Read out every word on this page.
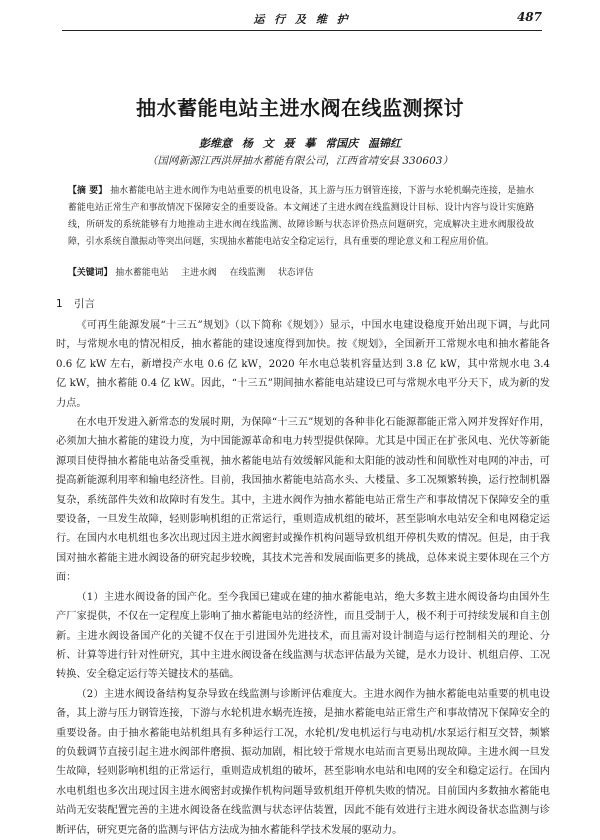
运 行 及 维 护	487
抽水蓄能电站主进水阀在线监测探讨
彭维意 杨 文 聂 摹 常国庆 温锦红
（国网新源江西洪屏抽水蓄能有限公司，江西省靖安县 330603）
【摘 要】 抽水蓄能电站主进水阀作为电站重要的机电设备，其上游与压力钢管连接，下游与水轮机蜗壳连接，是抽水蓄能电站正常生产和事故情况下保障安全的重要设备。本文阐述了主进水阀在线监测设计目标、设计内容与设计实施路线，所研发的系统能够有力地推动主进水阀在线监测、故障诊断与状态评价热点问题研究，完成解决主进水阀服役故障，引水系统自激振动等突出问题，实现抽水蓄能电站安全稳定运行，具有重要的理论意义和工程应用价值。
【关键词】 抽水蓄能电站 主进水阀 在线监测 状态评估
1 引言

《可再生能源发展“十三五”规划》（以下简称《规划》）显示，中国水电建设稳度开始出现下调，与此同时，与常规水电的情况相反，抽水蓄能的建设速度得到加快。按《规划》，全国新开工常规水电和抽水蓄能各 0.6 亿 kW 左右，新增投产水电 0.6 亿 kW，2020 年水电总装机容量达到 3.8 亿 kW，其中常规水电 3.4 亿 kW，抽水蓄能 0.4 亿 kW。因此，“十三五”期间抽水蓄能电站建设已可与常规水电平分天下，成为新的发力点。

在水电开发进入新常态的发展时期，为保障“十三五”规划的各种非化石能源都能正常入网并发挥好作用，必须加大抽水蓄能的建设力度，为中国能源革命和电力转型提供保障。尤其是中国正在扩张风电、光伏等新能源项目使得抽水蓄能电站备受重视，抽水蓄能电站有效缓解风能和太阳能的波动性和间歇性对电网的冲击，可提高新能源利用率和输电经济性。目前，我国抽水蓄能电站高水头、大楼量、多工况频繁转换，运行控制机器复杂，系统部件失效和故障时有发生。其中，主进水阀作为抽水蓄能电站正常生产和事故情况下保障安全的重要设备，一旦发生故障，轻则影响机组的正常运行，重则造成机组的破坏，甚至影响水电站安全和电网稳定运行。在国内水电机组也多次出现过因主进水阀密封或操作机构问题导致机组开停机失败的情况。但是，由于我国对抽水蓄能主进水阀设备的研究起步较晚，其技术完善和发展面临更多的挑战，总体来说主要体现在三个方面：

（1）主进水阀设备的国产化。至今我国已建或在建的抽水蓄能电站，绝大多数主进水阀设备均由国外生产厂家提供，不仅在一定程度上影响了抽水蓄能电站的经济性，而且受制于人，极不利于可持续发展和自主创新。主进水阀设备国产化的关键不仅在于引进国外先进技术，而且需对设计制造与运行控制相关的理论、分析、计算等进行针对性研究，其中主进水阀设备在线监测与状态评估最为关键，是水力设计、机组启停、工况转换、安全稳定运行等关键技术的基础。

（2）主进水阀设备结构复杂导致在线监测与诊断评估难度大。主进水阀作为抽水蓄能电站重要的机电设备，其上游与压力钢管连接，下游与水轮机进水蜗壳连接，是抽水蓄能电站正常生产和事故情况下保障安全的重要设备。由于抽水蓄能电站机组具有多种运行工况，水轮机/发电机运行与电动机/水泵运行相互交替，频繁的负载调节直接引起主进水阀部件磨损、振动加剧，相比较于常规水电站而言更易出现故障。主进水阀一旦发生故障，轻则影响机组的正常运行，重则造成机组的破坏，甚至影响水电站和电网的安全和稳定运行。在国内水电机组也多次出现过因主进水阀密封或操作机构问题导致机组开停机失败的情况。目前国内多数抽水蓄能电站尚无安装配置完善的主进水阀设备在线监测与状态评估装置，因此不能有效进行主进水阀设备状态监测与诊断评估，研究更完备的监测与评估方法成为抽水蓄能科学技术发展的驱动力。
